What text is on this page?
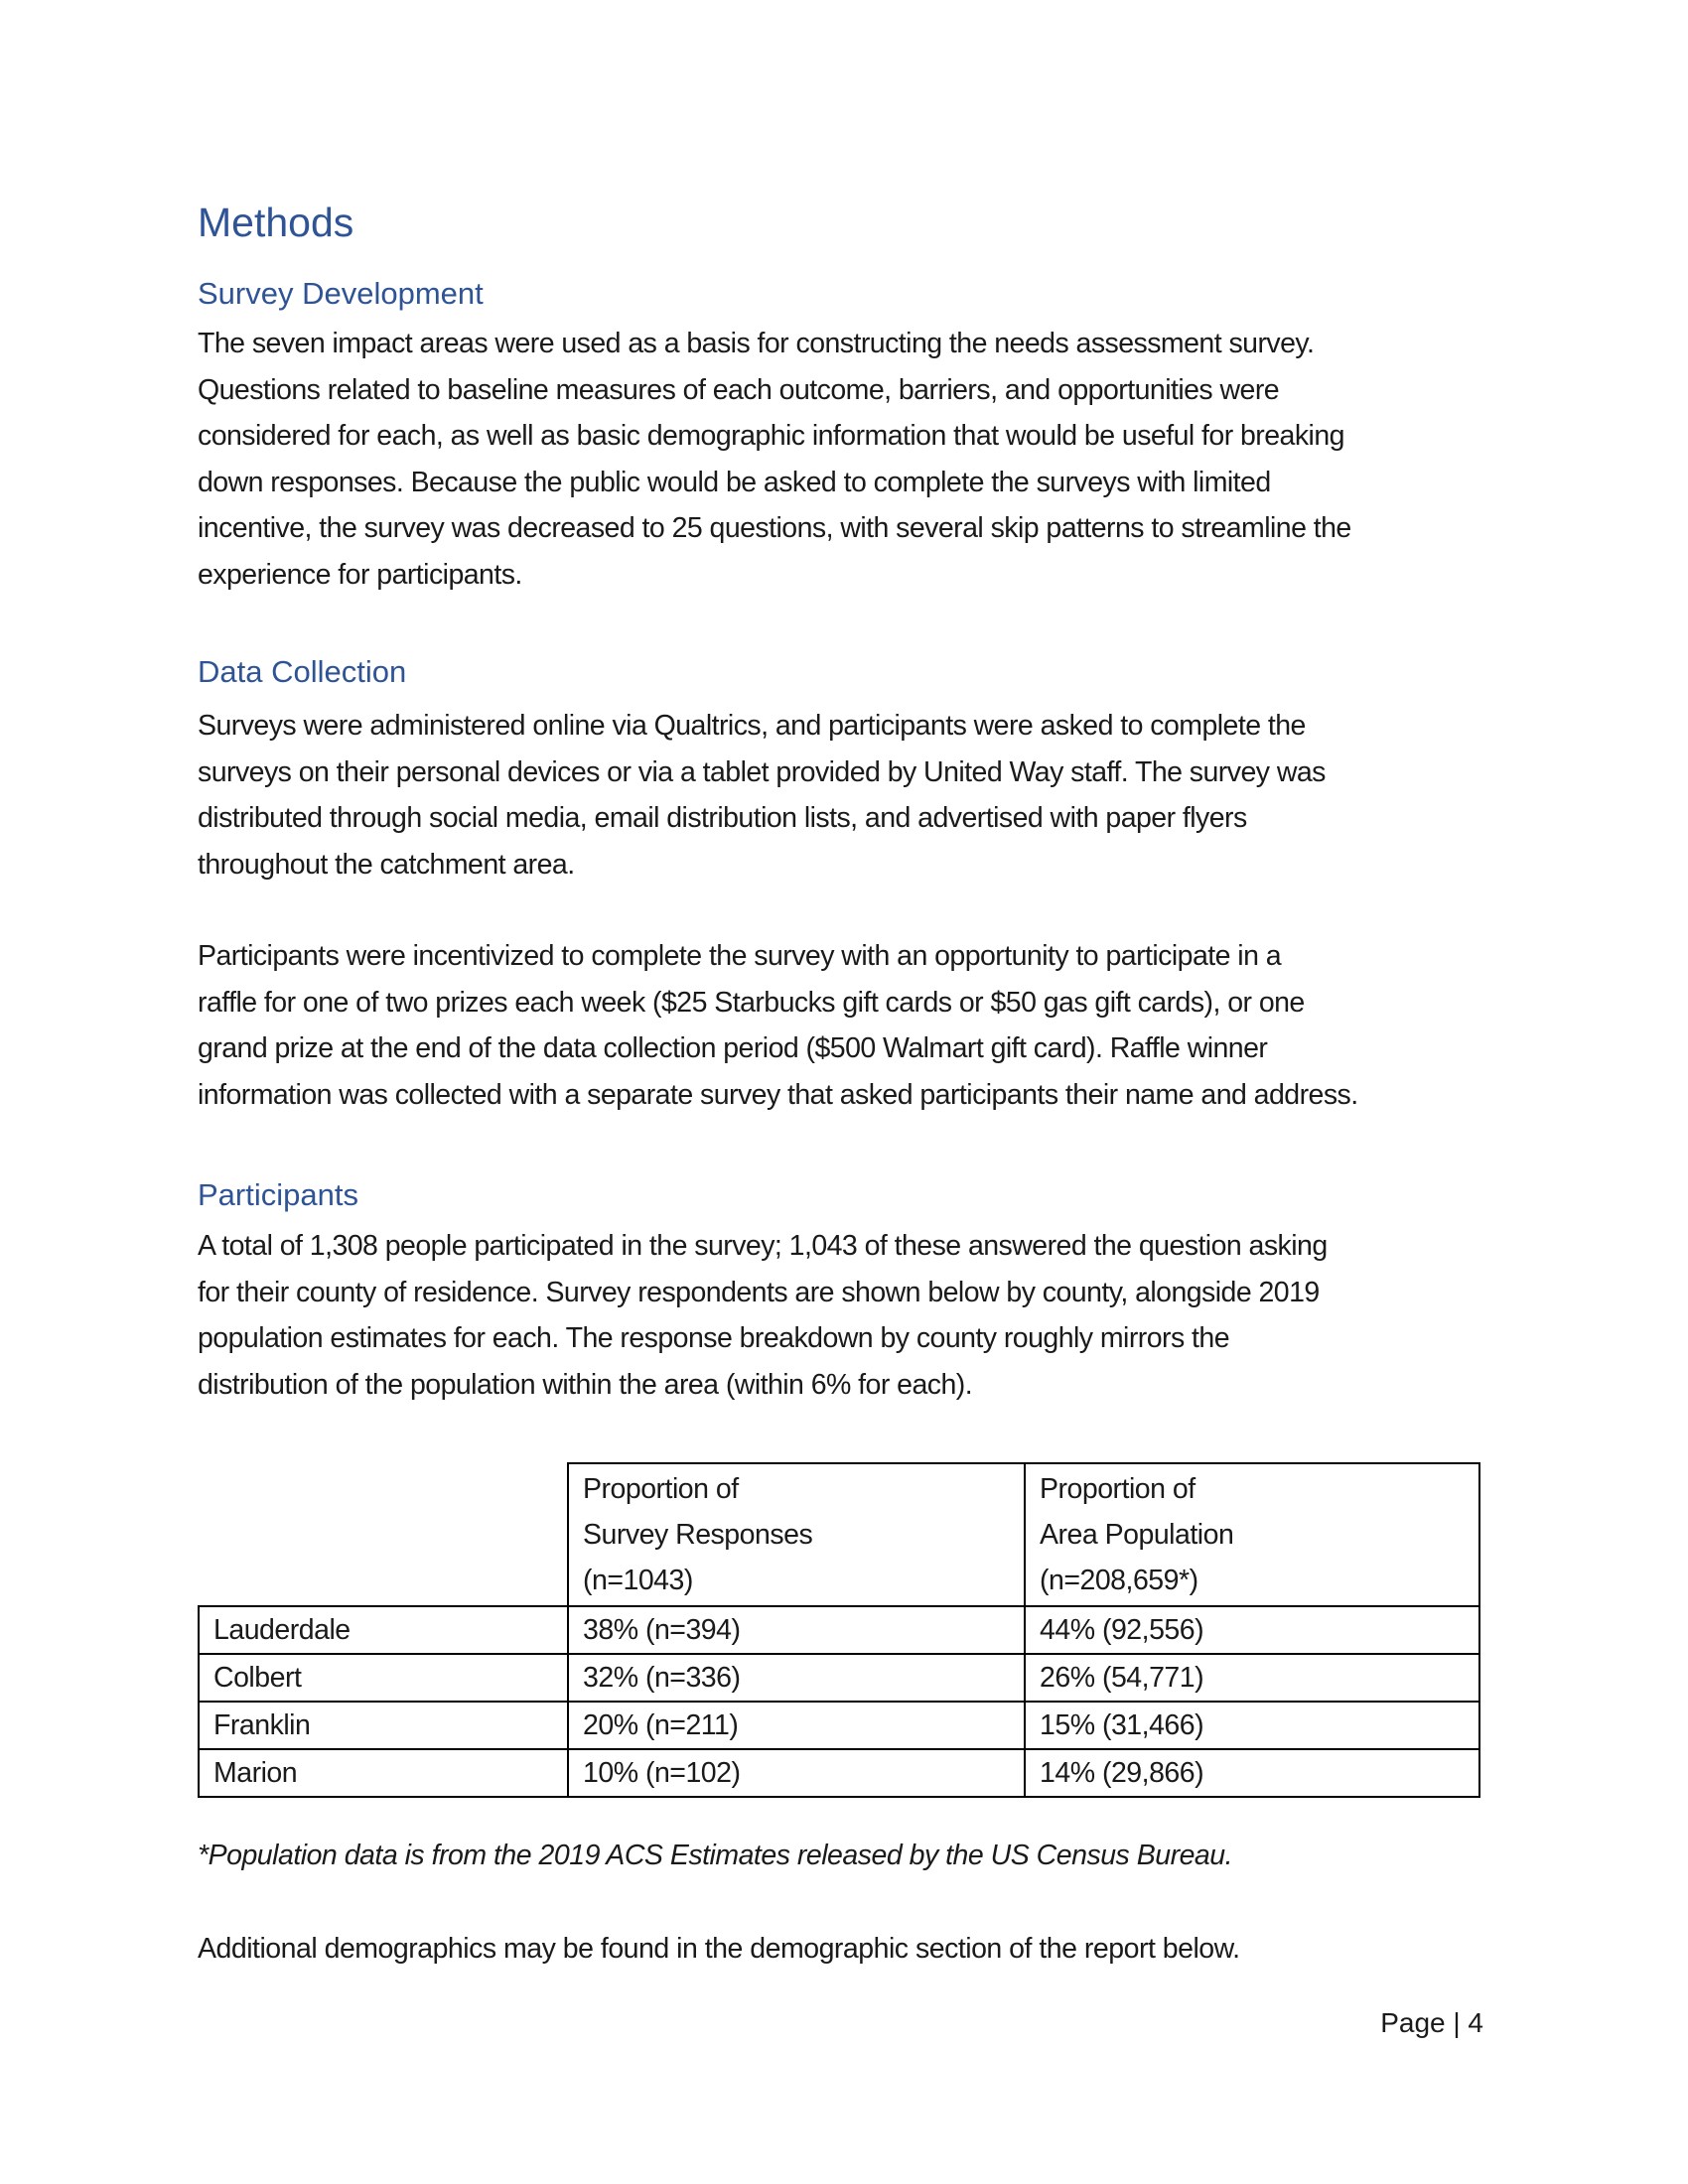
Methods
Survey Development
The seven impact areas were used as a basis for constructing the needs assessment survey.
Questions related to baseline measures of each outcome, barriers, and opportunities were
considered for each, as well as basic demographic information that would be useful for breaking
down responses. Because the public would be asked to complete the surveys with limited
incentive, the survey was decreased to 25 questions, with several skip patterns to streamline the
experience for participants.
Data Collection
Surveys were administered online via Qualtrics, and participants were asked to complete the
surveys on their personal devices or via a tablet provided by United Way staff. The survey was
distributed through social media, email distribution lists, and advertised with paper flyers
throughout the catchment area.
Participants were incentivized to complete the survey with an opportunity to participate in a
raffle for one of two prizes each week ($25 Starbucks gift cards or $50 gas gift cards), or one
grand prize at the end of the data collection period ($500 Walmart gift card). Raffle winner
information was collected with a separate survey that asked participants their name and address.
Participants
A total of 1,308 people participated in the survey; 1,043 of these answered the question asking
for their county of residence. Survey respondents are shown below by county, alongside 2019
population estimates for each. The response breakdown by county roughly mirrors the
distribution of the population within the area (within 6% for each).

Proportion of
Survey Responses
(n=1043)

Proportion of
Area Population
(n=208,659*)

Lauderdale	38% (n=394)	44% (92,556)
Colbert	32% (n=336)	26% (54,771)
Franklin	20% (n=211)	15% (31,466)
Marion	10% (n=102)	14% (29,866)
*Population data is from the 2019 ACS Estimates released by the US Census Bureau.
Additional demographics may be found in the demographic section of the report below.
Page | 4
